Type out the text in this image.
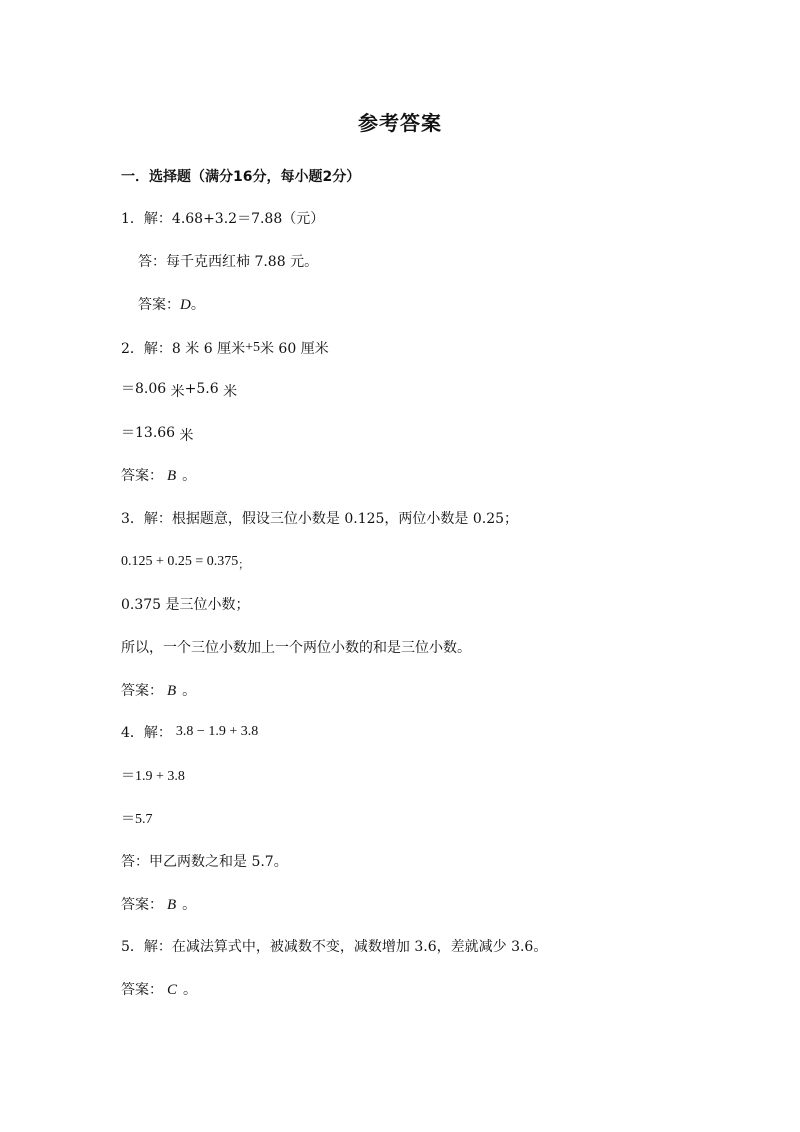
参考答案
一．选择题（满分16分，每小题2分）
1．解：4.68+3.2＝7.88（元）
答：每千克西红柿 7.88 元。
答案：D。
2．解：8 米 6 厘米+5米 60 厘米
＝8.06 米+5.6 米
＝13.66 米
答案： B 。
3．解：根据题意，假设三位小数是 0.125，两位小数是 0.25；
$0.125 + 0.25 = 0.375_;$
0.375 是三位小数；
所以，一个三位小数加上一个两位小数的和是三位小数。
答案： B 。
4．解： 3.8 − 1.9 + 3.8
＝1.9 + 3.8
＝5.7
答：甲乙两数之和是 5.7。
答案： B 。
5．解：在减法算式中，被减数不变，减数增加 3.6，差就减少 3.6。
答案： C 。
